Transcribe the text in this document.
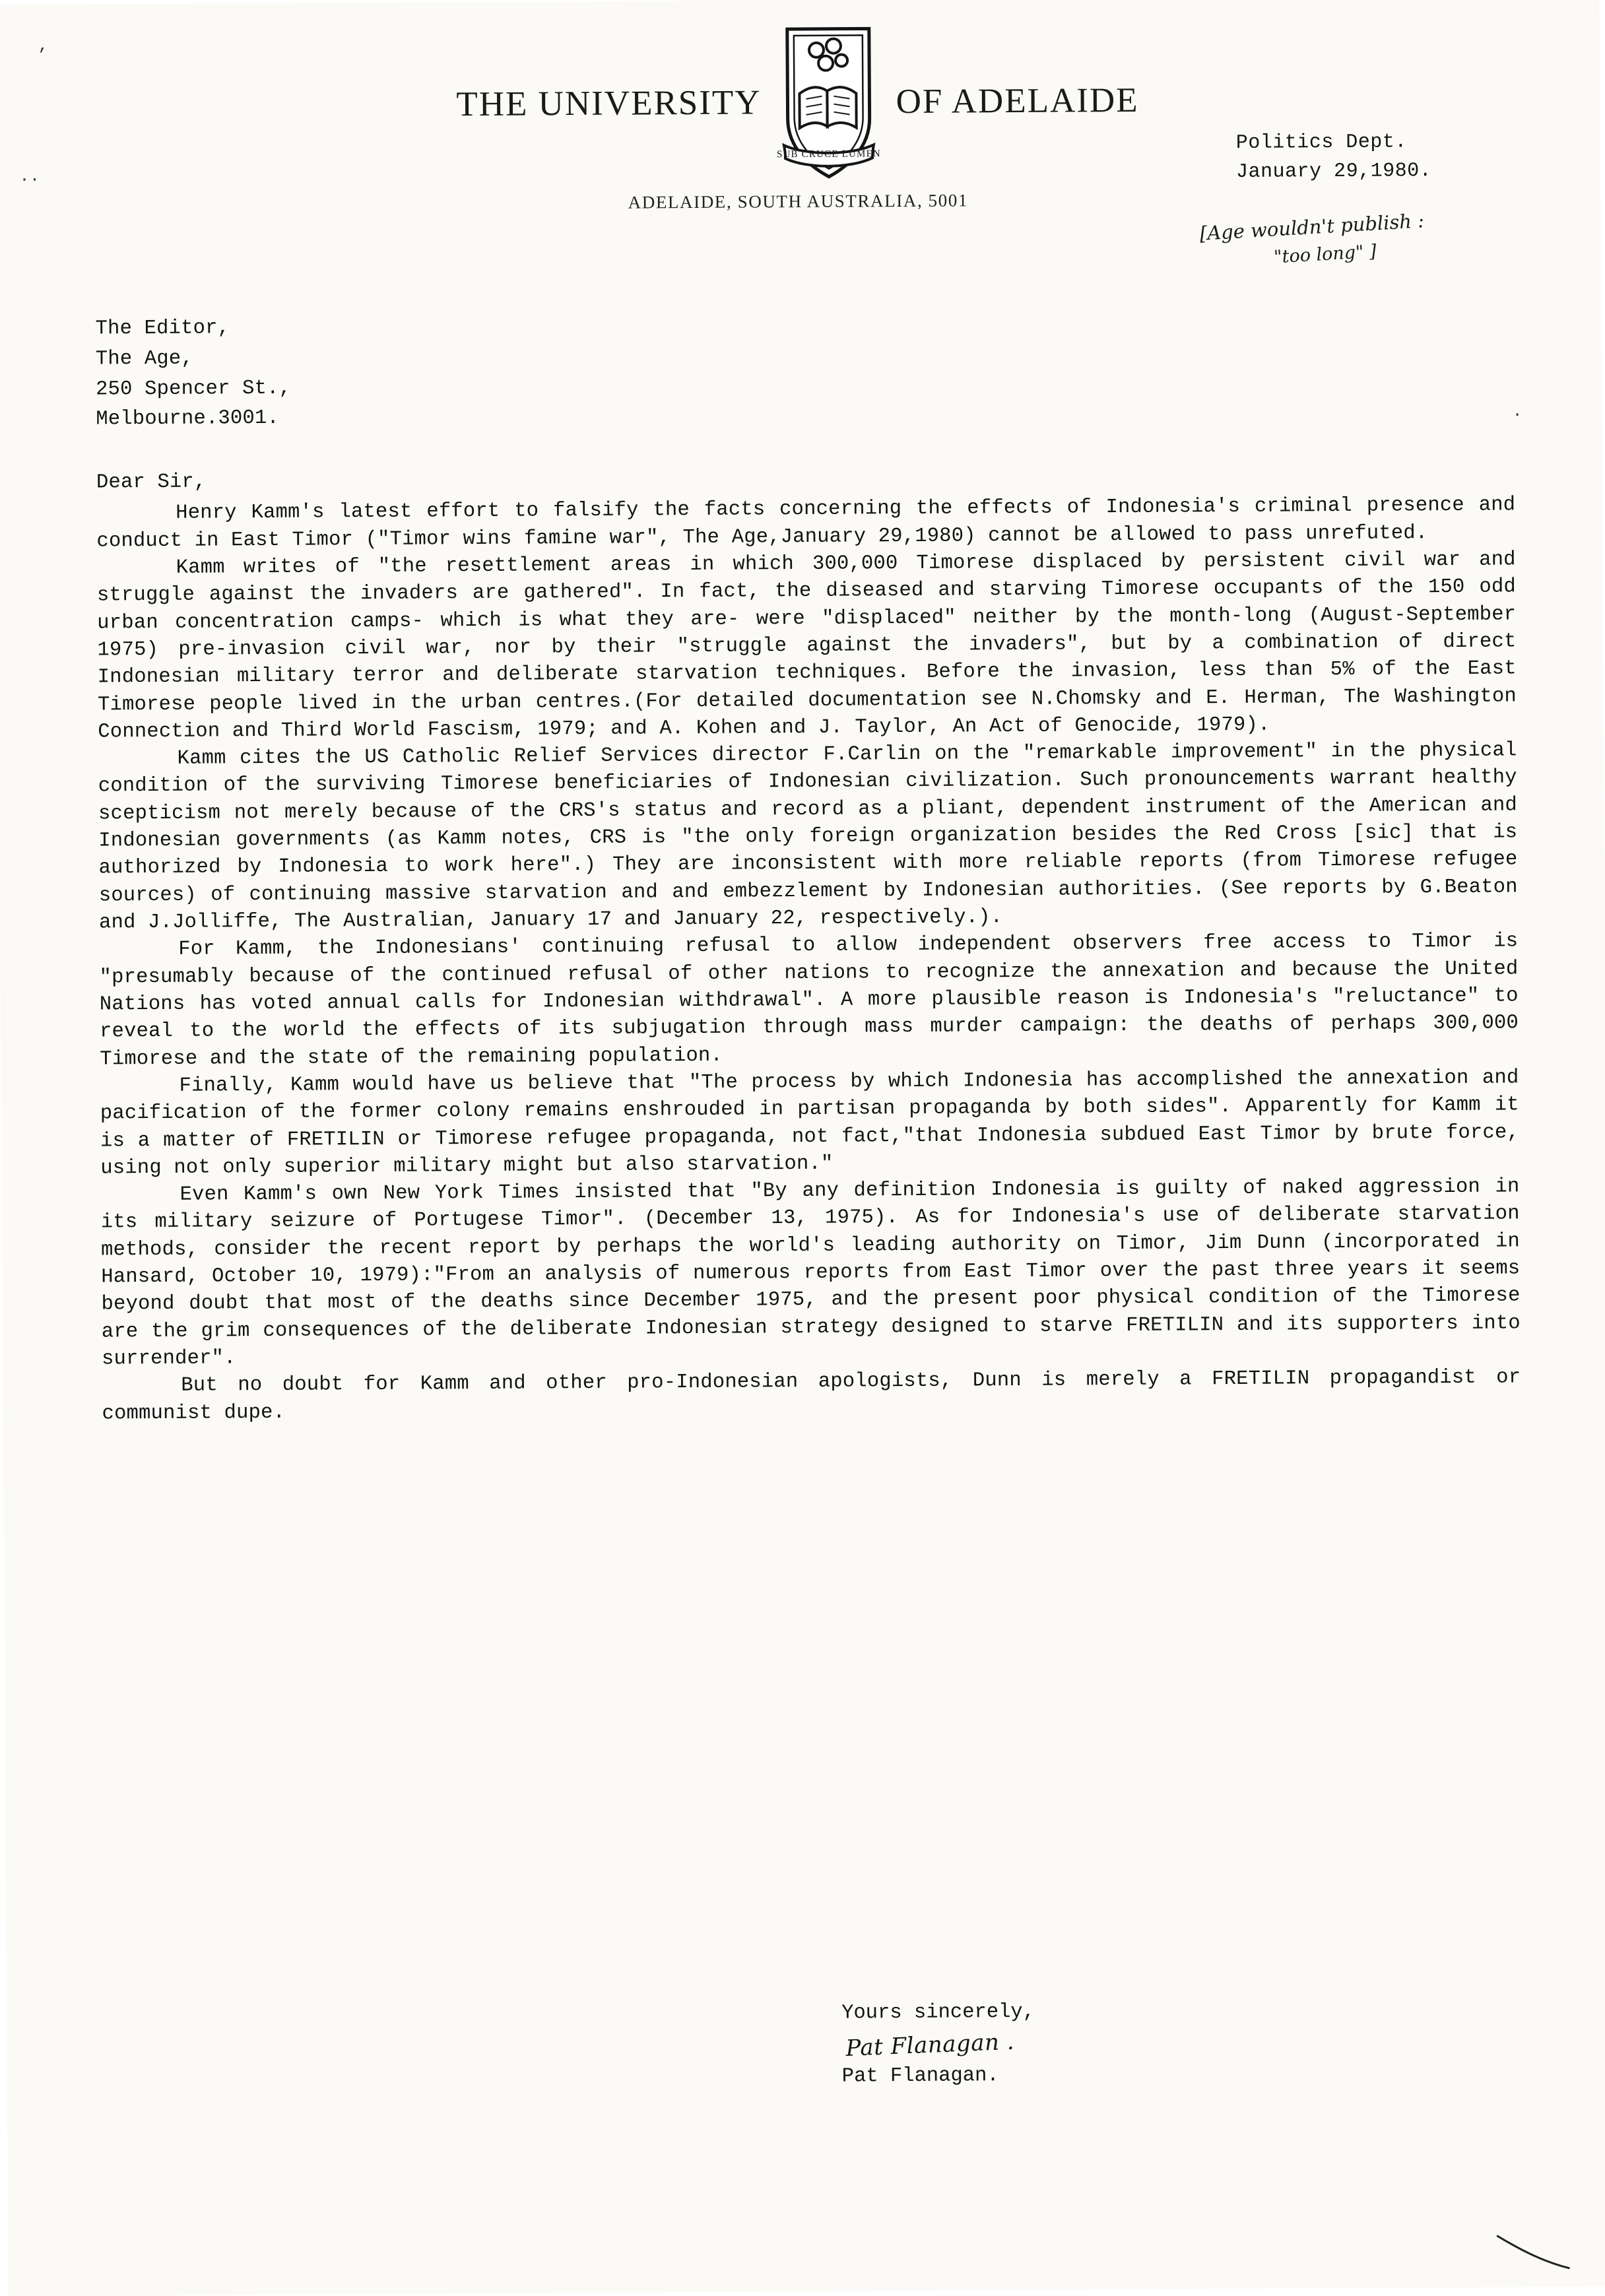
’
··
·
THE UNIVERSITY
SUB CRUCE LUMEN
OF ADELAIDE
ADELAIDE, SOUTH AUSTRALIA, 5001
Politics Dept.
January 29,1980.
[Age wouldn't publish :
"too long" ]
The Editor,
The Age,
250 Spencer St.,
Melbourne.3001.
Dear Sir,

Henry Kamm's latest effort to falsify the facts concerning the effects of Indonesia's criminal presence and conduct in East Timor ("Timor wins famine war", The Age,January 29,1980) cannot be allowed to pass unrefuted.

Kamm writes of "the resettlement areas in which 300,000 Timorese displaced by persistent civil war and struggle against the invaders are gathered". In fact, the diseased and starving Timorese occupants of the 150 odd urban concentration camps- which is what they are- were "displaced" neither by the month-long (August-September 1975) pre-invasion civil war, nor by their "struggle against the invaders", but by a combination of direct Indonesian military terror and deliberate starvation techniques. Before the invasion, less than 5% of the East Timorese people lived in the urban centres.(For detailed documentation see N.Chomsky and E. Herman, The Washington Connection and Third World Fascism, 1979; and A. Kohen and J. Taylor, An Act of Genocide, 1979).

Kamm cites the US Catholic Relief Services director F.Carlin on the "remarkable improvement" in the physical condition of the surviving Timorese beneficiaries of Indonesian civilization. Such pronouncements warrant healthy scepticism not merely because of the CRS's status and record as a pliant, dependent instrument of the American and Indonesian governments (as Kamm notes, CRS is "the only foreign organization besides the Red Cross [sic] that is authorized by Indonesia to work here".) They are inconsistent with more reliable reports (from Timorese refugee sources) of continuing massive starvation and and embezzlement by Indonesian authorities. (See reports by G.Beaton and J.Jolliffe, The Australian, January 17 and January 22, respectively.).

For Kamm, the Indonesians' continuing refusal to allow independent observers free access to Timor is "presumably because of the continued refusal of other nations to recognize the annexation and because the United Nations has voted annual calls for Indonesian withdrawal". A more plausible reason is Indonesia's "reluctance" to reveal to the world the effects of its subjugation through mass murder campaign: the deaths of perhaps 300,000 Timorese and the state of the remaining population.

Finally, Kamm would have us believe that "The process by which Indonesia has accomplished the annexation and pacification of the former colony remains enshrouded in partisan propaganda by both sides". Apparently for Kamm it is a matter of FRETILIN or Timorese refugee propaganda, not fact,"that Indonesia subdued East Timor by brute force, using not only superior military might but also starvation."

Even Kamm's own New York Times insisted that "By any definition Indonesia is guilty of naked aggression in its military seizure of Portugese Timor". (December 13, 1975). As for Indonesia's use of deliberate starvation methods, consider the recent report by perhaps the world's leading authority on Timor, Jim Dunn (incorporated in Hansard, October 10, 1979):"From an analysis of numerous reports from East Timor over the past three years it seems beyond doubt that most of the deaths since December 1975, and the present poor physical condition of the Timorese are the grim consequences of the deliberate Indonesian strategy designed to starve FRETILIN and its supporters into surrender".

But no doubt for Kamm and other pro-Indonesian apologists, Dunn is merely a FRETILIN propagandist or communist dupe.

Yours sincerely,
Pat Flanagan .
Pat Flanagan.
